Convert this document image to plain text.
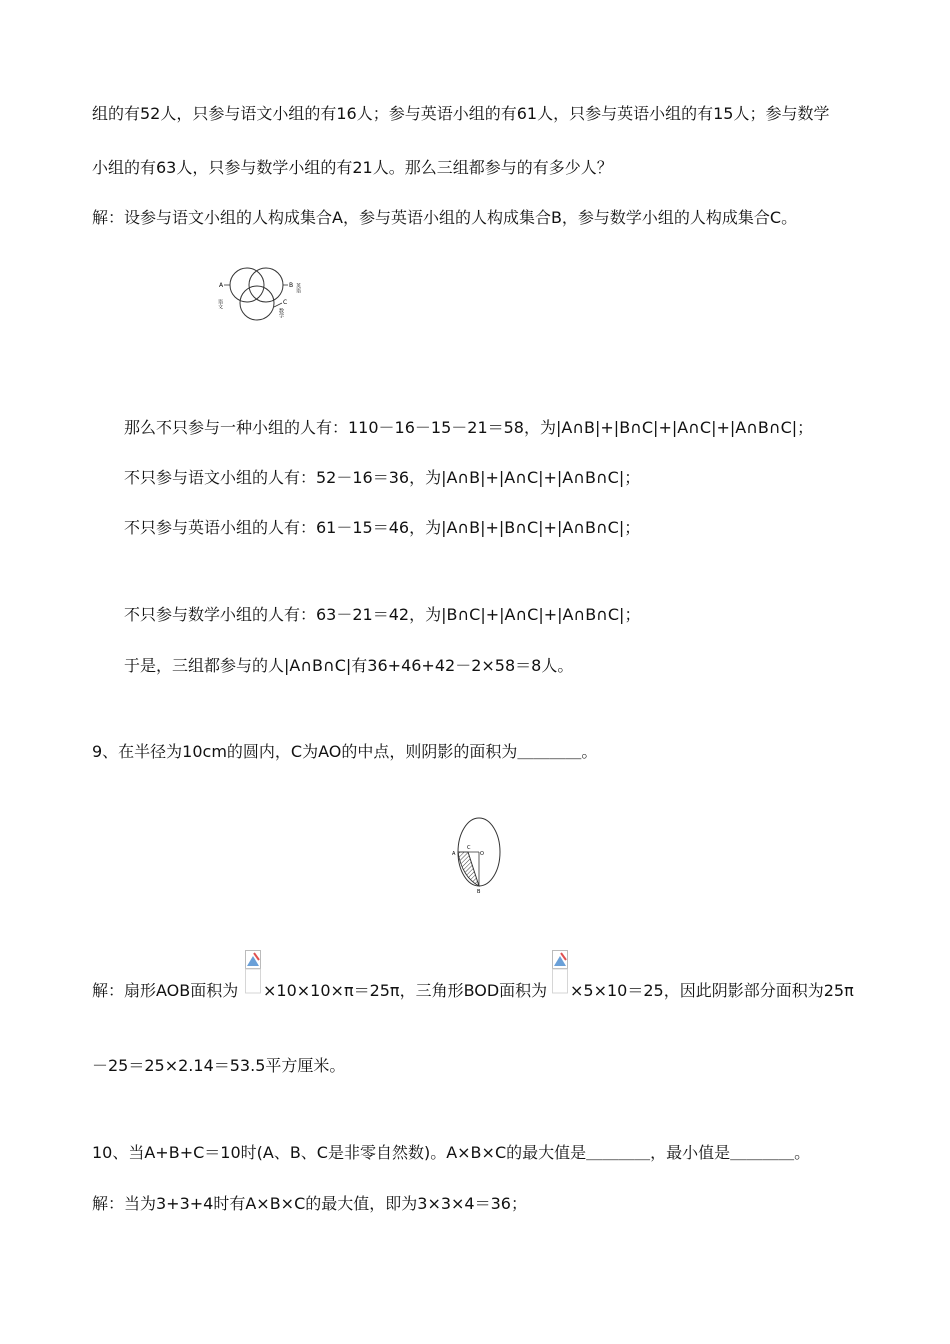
组的有52人，只参与语文小组的有16人；参与英语小组的有61人，只参与英语小组的有15人；参与数学
小组的有63人，只参与数学小组的有21人。那么三组都参与的有多少人？
解：设参与语文小组的人构成集合A，参与英语小组的人构成集合B，参与数学小组的人构成集合C。
A	B
C
语文
英语
数学
那么不只参与一种小组的人有：110－16－15－21＝58，为|A∩B|+|B∩C|+|A∩C|+|A∩B∩C|；
不只参与语文小组的人有：52－16＝36，为|A∩B|+|A∩C|+|A∩B∩C|；
不只参与英语小组的人有：61－15＝46，为|A∩B|+|B∩C|+|A∩B∩C|；
不只参与数学小组的人有：63－21＝42，为|B∩C|+|A∩C|+|A∩B∩C|；
于是，三组都参与的人|A∩B∩C|有36+46+42－2×58＝8人。
9、在半径为10cm的圆内，C为AO的中点，则阴影的面积为＿＿＿＿。
A
C
O
B
解：扇形AOB面积为 ×10×10×π＝25π，三角形BOD面积为 ×5×10＝25，因此阴影部分面积为25π
－25＝25×2.14＝53.5平方厘米。
10、当A+B+C＝10时(A、B、C是非零自然数)。A×B×C的最大值是＿＿＿＿，最小值是＿＿＿＿。
解：当为3+3+4时有A×B×C的最大值，即为3×3×4＝36；
